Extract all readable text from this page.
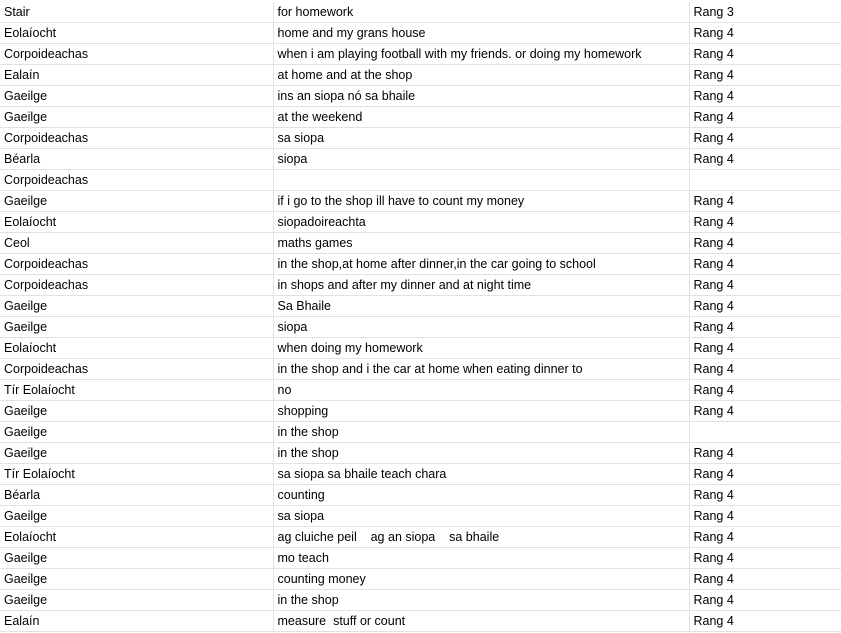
Stair	for homework	Rang 3	
Eolaíocht	home and my grans house	Rang 4	
Corpoideachas	when i am playing football with my friends. or doing my homework	Rang 4	
Ealaín	at home and at the shop	Rang 4	
Gaeilge	ins an siopa nó sa bhaile	Rang 4	
Gaeilge	at the weekend	Rang 4	
Corpoideachas	sa siopa	Rang 4	
Béarla	siopa	Rang 4	
Corpoideachas			
Gaeilge	if i go to the shop ill have to count my money	Rang 4	
Eolaíocht	siopadoireachta	Rang 4	
Ceol	maths games	Rang 4	
Corpoideachas	in the shop,at home after dinner,in the car going to school	Rang 4	
Corpoideachas	in shops and after my dinner and at night time	Rang 4	
Gaeilge	Sa Bhaile	Rang 4	
Gaeilge	siopa	Rang 4	
Eolaíocht	when doing my homework	Rang 4	
Corpoideachas	in the shop and i the car at home when eating dinner to	Rang 4	
Tír Eolaíocht	no	Rang 4	
Gaeilge	shopping	Rang 4	
Gaeilge	in the shop		
Gaeilge	in the shop	Rang 4	
Tír Eolaíocht	sa siopa sa bhaile teach chara	Rang 4	
Béarla	counting	Rang 4	
Gaeilge	sa siopa	Rang 4	
Eolaíocht	ag cluiche peil    ag an siopa    sa bhaile	Rang 4	
Gaeilge	mo teach	Rang 4	
Gaeilge	counting money	Rang 4	
Gaeilge	in the shop	Rang 4	
Ealaín	measure  stuff or count	Rang 4	
